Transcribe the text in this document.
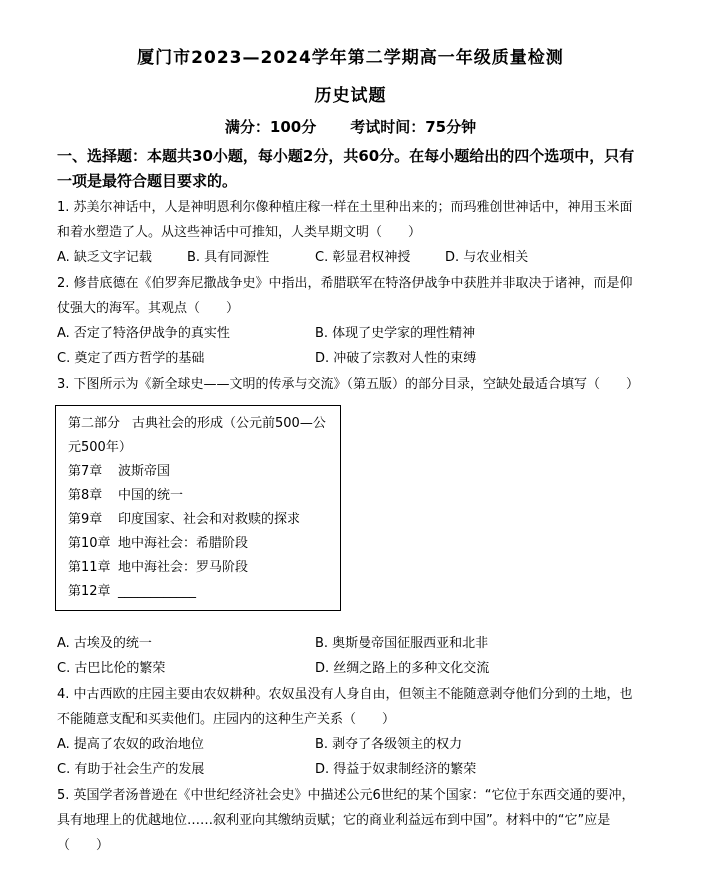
厦门市2023—2024学年第二学期高一年级质量检测
历史试题
满分：100分 考试时间：75分钟

一、选择题：本题共30小题，每小题2分，共60分。在每小题给出的四个选项中，只有一项是最符合题目要求的。

1. 苏美尔神话中，人是神明恩利尔像种植庄稼一样在土里种出来的；而玛雅创世神话中，神用玉米面和着水塑造了人。从这些神话中可推知，人类早期文明（　　）

A. 缺乏文字记载	B. 具有同源性	C. 彰显君权神授	D. 与农业相关

2. 修昔底德在《伯罗奔尼撒战争史》中指出，希腊联军在特洛伊战争中获胜并非取决于诸神，而是仰仗强大的海军。其观点（　　）

A. 否定了特洛伊战争的真实性	B. 体现了史学家的理性精神
C. 奠定了西方哲学的基础	D. 冲破了宗教对人性的束缚

3. 下图所示为《新全球史——文明的传承与交流》（第五版）的部分目录，空缺处最适合填写（　　）

第二部分 古典社会的形成（公元前500—公元500年）
第7章 波斯帝国
第8章 中国的统一
第9章 印度国家、社会和对救赎的探求
第10章 地中海社会：希腊阶段
第11章 地中海社会：罗马阶段
第12章 ____________
A. 古埃及的统一	B. 奥斯曼帝国征服西亚和北非
C. 古巴比伦的繁荣	D. 丝绸之路上的多种文化交流

4. 中古西欧的庄园主要由农奴耕种。农奴虽没有人身自由，但领主不能随意剥夺他们分到的土地，也不能随意支配和买卖他们。庄园内的这种生产关系（　　）

A. 提高了农奴的政治地位	B. 剥夺了各级领主的权力
C. 有助于社会生产的发展	D. 得益于奴隶制经济的繁荣

5. 英国学者汤普逊在《中世纪经济社会史》中描述公元6世纪的某个国家：“它位于东西交通的要冲，具有地理上的优越地位……叙利亚向其缴纳贡赋；它的商业利益远布到中国”。材料中的“它”应是（　　）
